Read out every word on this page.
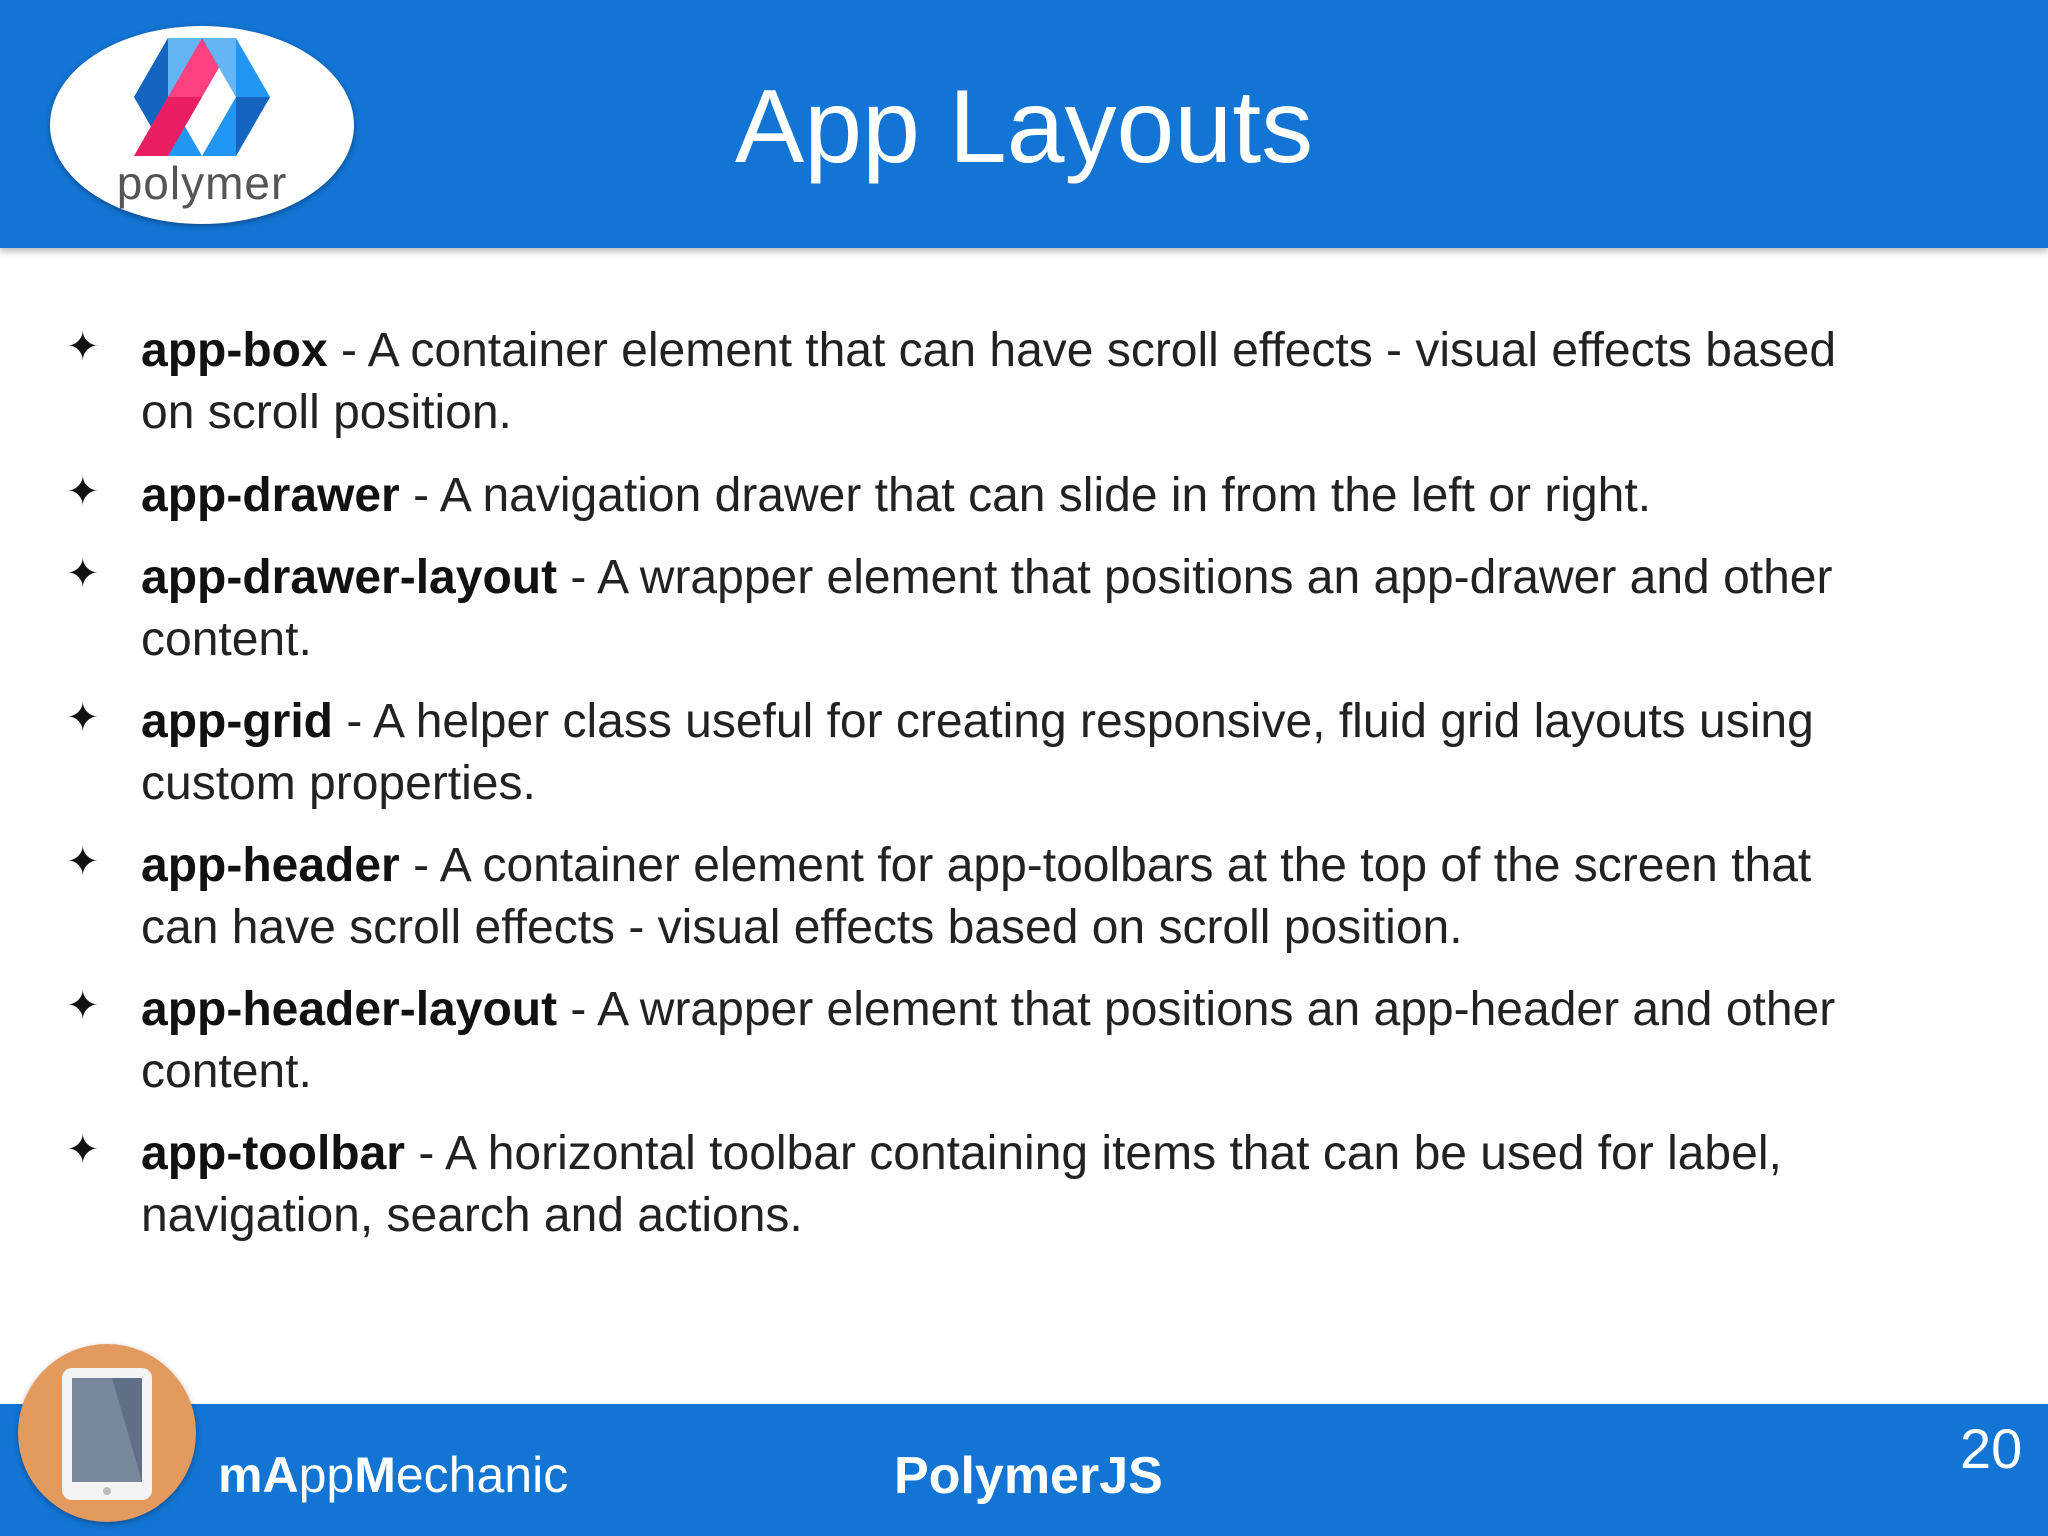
polymer	App Layouts
✦ app-box - A container element that can have scroll effects - visual effects based on scroll position.
✦ app-drawer - A navigation drawer that can slide in from the left or right.
✦ app-drawer-layout - A wrapper element that positions an app-drawer and other content.
✦ app-grid - A helper class useful for creating responsive, fluid grid layouts using custom properties.
✦ app-header - A container element for app-toolbars at the top of the screen that can have scroll effects - visual effects based on scroll position.
✦ app-header-layout - A wrapper element that positions an app-header and other content.
✦ app-toolbar - A horizontal toolbar containing items that can be used for label, navigation, search and actions.
mAppMechanic	PolymerJS	20
